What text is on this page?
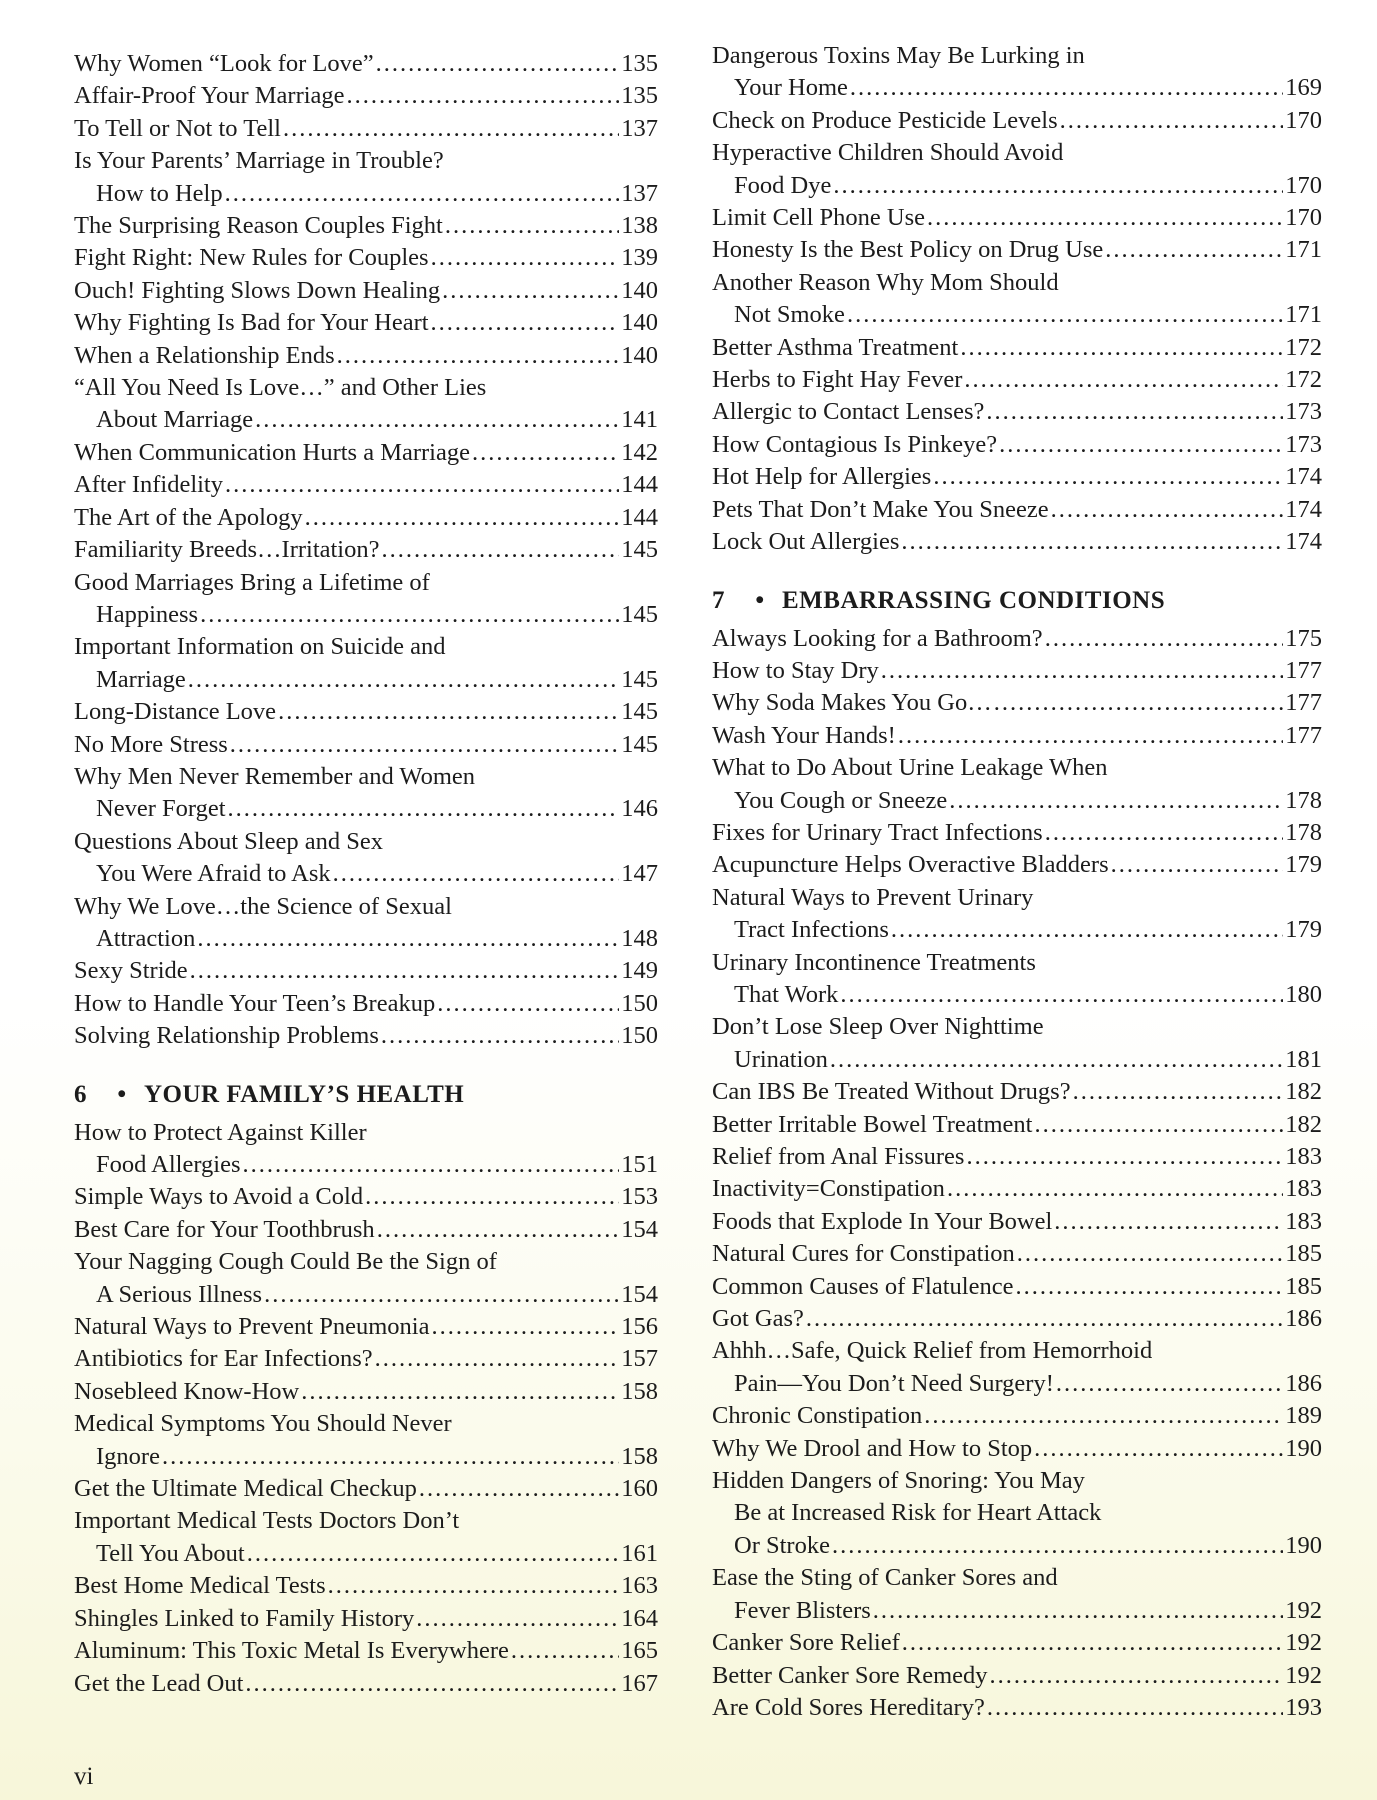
Why Women “Look for Love” .....	135
Affair-Proof Your Marriage .....	135
To Tell or Not to Tell .....	137
Is Your Parents’ Marriage in Trouble?
How to Help .....	137
The Surprising Reason Couples Fight .....	138
Fight Right: New Rules for Couples .....	139
Ouch! Fighting Slows Down Healing .....	140
Why Fighting Is Bad for Your Heart .....	140
When a Relationship Ends .....	140
“All You Need Is Love…” and Other Lies
About Marriage .....	141
When Communication Hurts a Marriage .....	142
After Infidelity .....	144
The Art of the Apology .....	144
Familiarity Breeds…Irritation? .....	145
Good Marriages Bring a Lifetime of
Happiness .....	145
Important Information on Suicide and
Marriage .....	145
Long-Distance Love .....	145
No More Stress .....	145
Why Men Never Remember and Women
Never Forget .....	146
Questions About Sleep and Sex
You Were Afraid to Ask .....	147
Why We Love…the Science of Sexual
Attraction .....	148
Sexy Stride .....	149
How to Handle Your Teen’s Breakup .....	150
Solving Relationship Problems .....	150
6 • YOUR FAMILY’S HEALTH
How to Protect Against Killer
Food Allergies .....	151
Simple Ways to Avoid a Cold .....	153
Best Care for Your Toothbrush .....	154
Your Nagging Cough Could Be the Sign of
A Serious Illness .....	154
Natural Ways to Prevent Pneumonia .....	156
Antibiotics for Ear Infections? .....	157
Nosebleed Know-How .....	158
Medical Symptoms You Should Never
Ignore .....	158
Get the Ultimate Medical Checkup .....	160
Important Medical Tests Doctors Don’t
Tell You About .....	161
Best Home Medical Tests .....	163
Shingles Linked to Family History .....	164
Aluminum: This Toxic Metal Is Everywhere .....	165
Get the Lead Out .....	167
Dangerous Toxins May Be Lurking in
Your Home .....	169
Check on Produce Pesticide Levels .....	170
Hyperactive Children Should Avoid
Food Dye .....	170
Limit Cell Phone Use .....	170
Honesty Is the Best Policy on Drug Use .....	171
Another Reason Why Mom Should
Not Smoke .....	171
Better Asthma Treatment .....	172
Herbs to Fight Hay Fever .....	172
Allergic to Contact Lenses? .....	173
How Contagious Is Pinkeye? .....	173
Hot Help for Allergies .....	174
Pets That Don’t Make You Sneeze .....	174
Lock Out Allergies .....	174
7 • EMBARRASSING CONDITIONS
Always Looking for a Bathroom? .....	175
How to Stay Dry .....	177
Why Soda Makes You Go… .....	177
Wash Your Hands! .....	177
What to Do About Urine Leakage When
You Cough or Sneeze .....	178
Fixes for Urinary Tract Infections .....	178
Acupuncture Helps Overactive Bladders .....	179
Natural Ways to Prevent Urinary
Tract Infections .....	179
Urinary Incontinence Treatments
That Work .....	180
Don’t Lose Sleep Over Nighttime
Urination .....	181
Can IBS Be Treated Without Drugs? .....	182
Better Irritable Bowel Treatment .....	182
Relief from Anal Fissures .....	183
Inactivity=Constipation .....	183
Foods that Explode In Your Bowel .....	183
Natural Cures for Constipation .....	185
Common Causes of Flatulence .....	185
Got Gas? .....	186
Ahhh…Safe, Quick Relief from Hemorrhoid
Pain—You Don’t Need Surgery! .....	186
Chronic Constipation .....	189
Why We Drool and How to Stop .....	190
Hidden Dangers of Snoring: You May
Be at Increased Risk for Heart Attack
Or Stroke .....	190
Ease the Sting of Canker Sores and
Fever Blisters .....	192
Canker Sore Relief .....	192
Better Canker Sore Remedy .....	192
Are Cold Sores Hereditary? .....	193
vi
